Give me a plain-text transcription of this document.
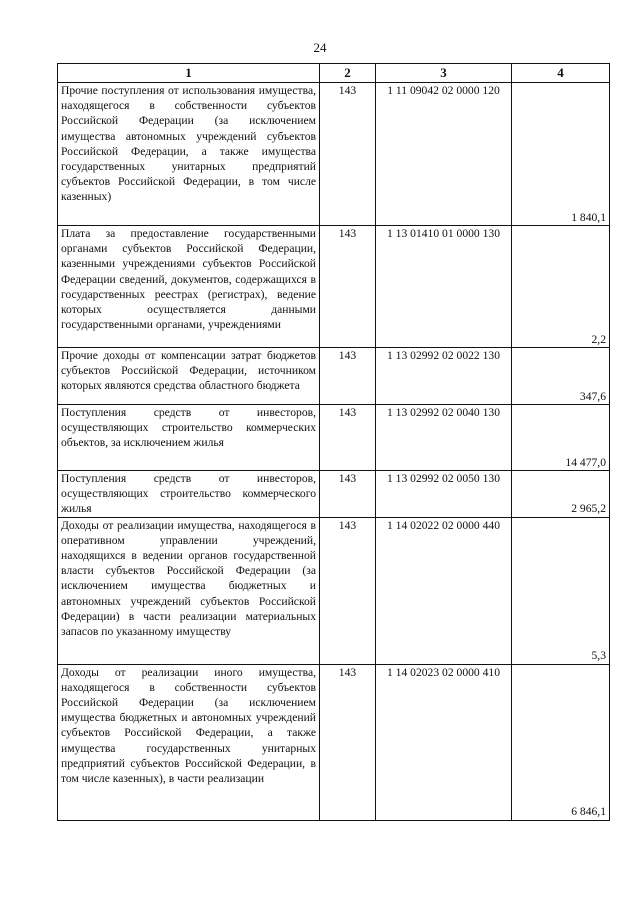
24
1	2	3	4
Прочие поступления от использования имущества, находящегося в собственности субъектов Российской Федерации (за исключением имущества автономных учреждений субъектов Российской Федерации, а также имущества государственных унитарных предприятий субъектов Российской Федерации, в том числе казенных)	143	1 11 09042 02 0000 120	1 840,1
Плата за предоставление государственными органами субъектов Российской Федерации, казенными учреждениями субъектов Российской Федерации сведений, документов, содержащихся в государственных реестрах (регистрах), ведение которых осуществляется данными государственными органами, учреждениями	143	1 13 01410 01 0000 130	2,2
Прочие доходы от компенсации затрат бюджетов субъектов Российской Федерации, источником которых являются средства областного бюджета	143	1 13 02992 02 0022 130	347,6
Поступления средств от инвесторов, осуществляющих строительство коммерческих объектов, за исключением жилья	143	1 13 02992 02 0040 130	14 477,0
Поступления средств от инвесторов, осуществляющих строительство коммерческого жилья	143	1 13 02992 02 0050 130	2 965,2
Доходы от реализации имущества, находящегося в оперативном управлении учреждений, находящихся в ведении органов государственной власти субъектов Российской Федерации (за исключением имущества бюджетных и автономных учреждений субъектов Российской Федерации) в части реализации материальных запасов по указанному имуществу	143	1 14 02022 02 0000 440	5,3
Доходы от реализации иного имущества, находящегося в собственности субъектов Российской Федерации (за исключением имущества бюджетных и автономных учреждений субъектов Российской Федерации, а также имущества государственных унитарных предприятий субъектов Российской Федерации, в том числе казенных), в части реализации	143	1 14 02023 02 0000 410	6 846,1
